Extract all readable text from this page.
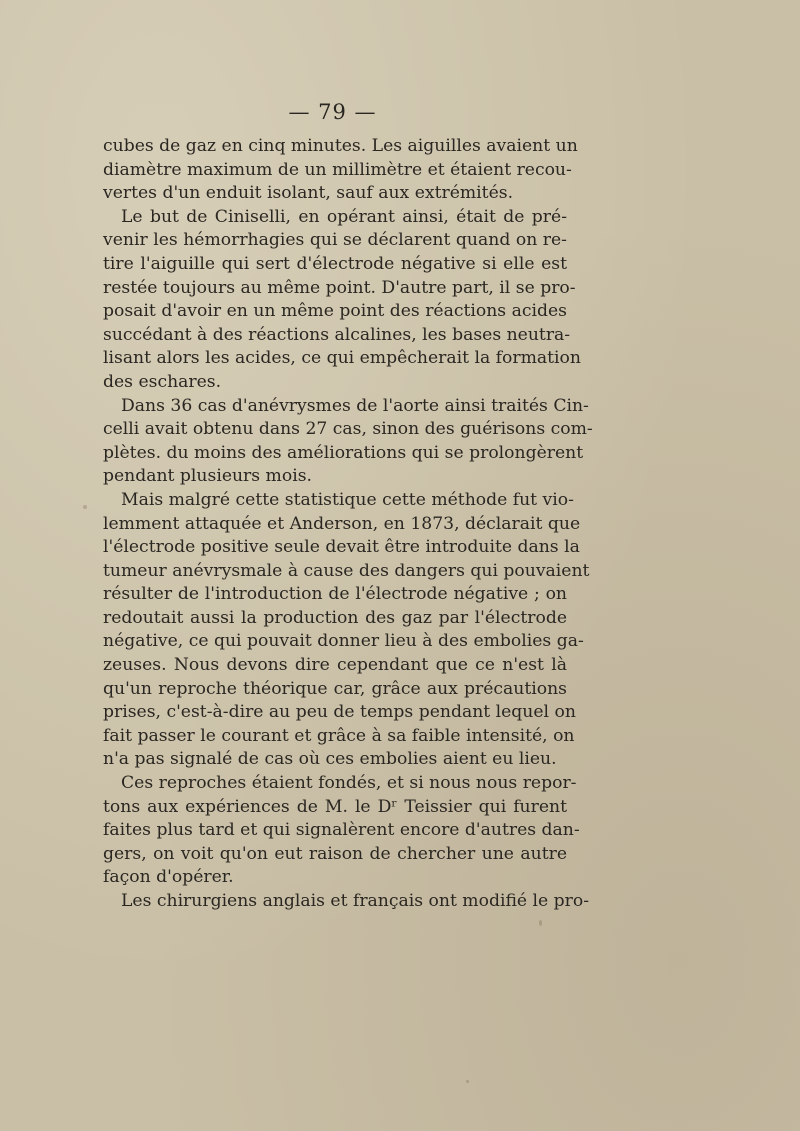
— 79 —

cubes de gaz en cinq minutes. Les aiguilles avaient un
diamètre maximum de un millimètre et étaient recou-
vertes d'un enduit isolant, sauf aux extrémités.

Le but de Ciniselli, en opérant ainsi, était de pré-
venir les hémorrhagies qui se déclarent quand on re-
tire l'aiguille qui sert d'électrode négative si elle est
restée toujours au même point. D'autre part, il se pro-
posait d'avoir en un même point des réactions acides
succédant à des réactions alcalines, les bases neutra-
lisant alors les acides, ce qui empêcherait la formation
des eschares.

Dans 36 cas d'anévrysmes de l'aorte ainsi traités Cin-
celli avait obtenu dans 27 cas, sinon des guérisons com-
plètes. du moins des améliorations qui se prolongèrent
pendant plusieurs mois.

Mais malgré cette statistique cette méthode fut vio-
lemment attaquée et Anderson, en 1873, déclarait que
l'électrode positive seule devait être introduite dans la
tumeur anévrysmale à cause des dangers qui pouvaient
résulter de l'introduction de l'électrode négative ; on
redoutait aussi la production des gaz par l'électrode
négative, ce qui pouvait donner lieu à des embolies ga-
zeuses. Nous devons dire cependant que ce n'est là
qu'un reproche théorique car, grâce aux précautions
prises, c'est-à-dire au peu de temps pendant lequel on
fait passer le courant et grâce à sa faible intensité, on
n'a pas signalé de cas où ces embolies aient eu lieu.

Ces reproches étaient fondés, et si nous nous repor-
tons aux expériences de M. le Dʳ Teissier qui furent
faites plus tard et qui signalèrent encore d'autres dan-
gers, on voit qu'on eut raison de chercher une autre
façon d'opérer.

Les chirurgiens anglais et français ont modifié le pro-
